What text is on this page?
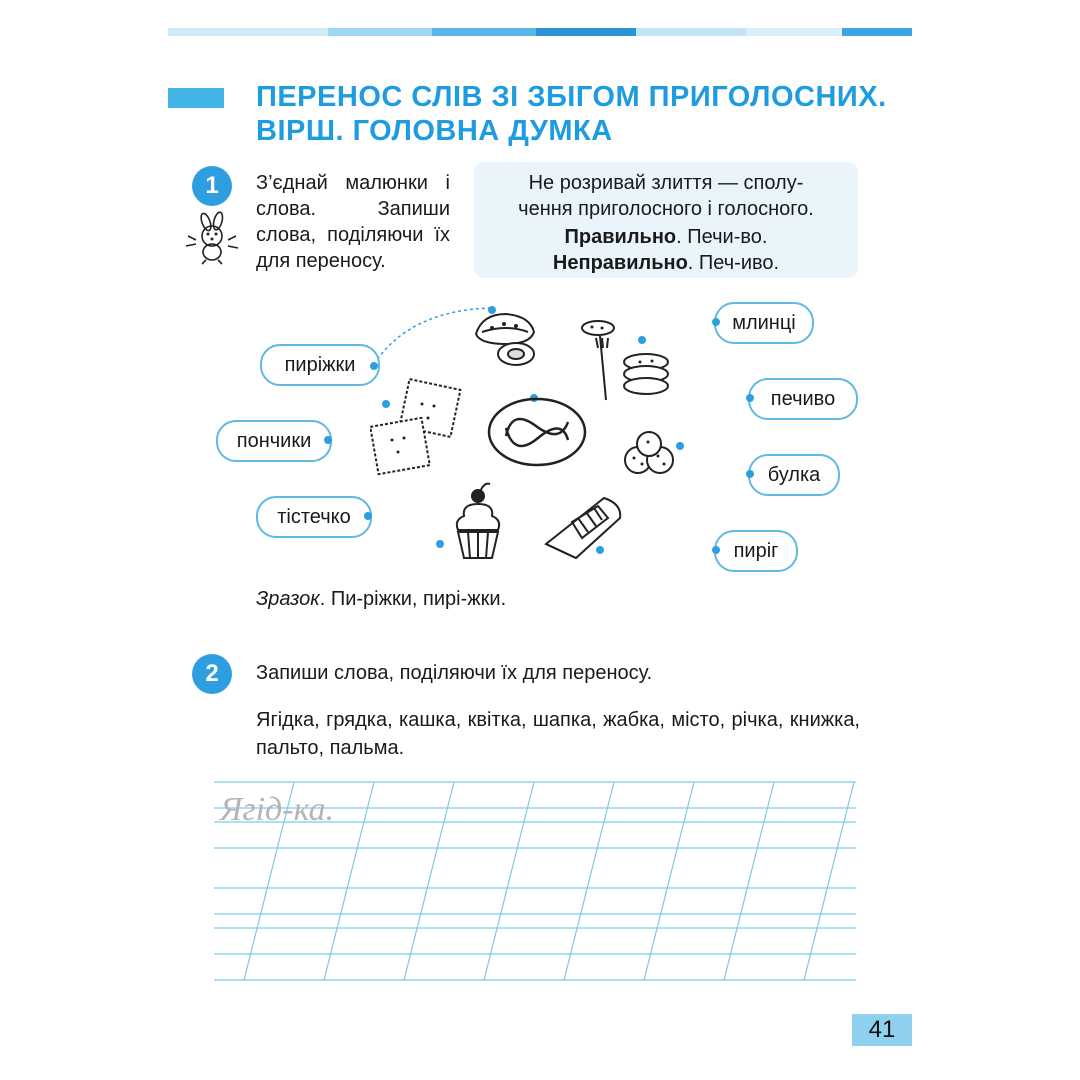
ПЕРЕНОС СЛІВ ЗІ ЗБІГОМ ПРИГОЛОСНИХ.
ВІРШ. ГОЛОВНА ДУМКА
1	З’єднай малюнки і слова. Запиши слова, поділяючи їх для переносу.

Не розривай злиття — сполу-
чення приголосного і голосного.
Правильно. Печи-во.
Неправильно. Печ-иво.
пиріжки
пончики
тістечко
млинці
печиво
булка
пиріг

Зразок. Пи-ріжки, пирі-жки.

2	Запиши слова, поділяючи їх для переносу.

Ягідка, грядка, кашка, квітка, шапка, жабка, місто, річка, книжка, пальто, пальма.

Ягід-ка.
41
